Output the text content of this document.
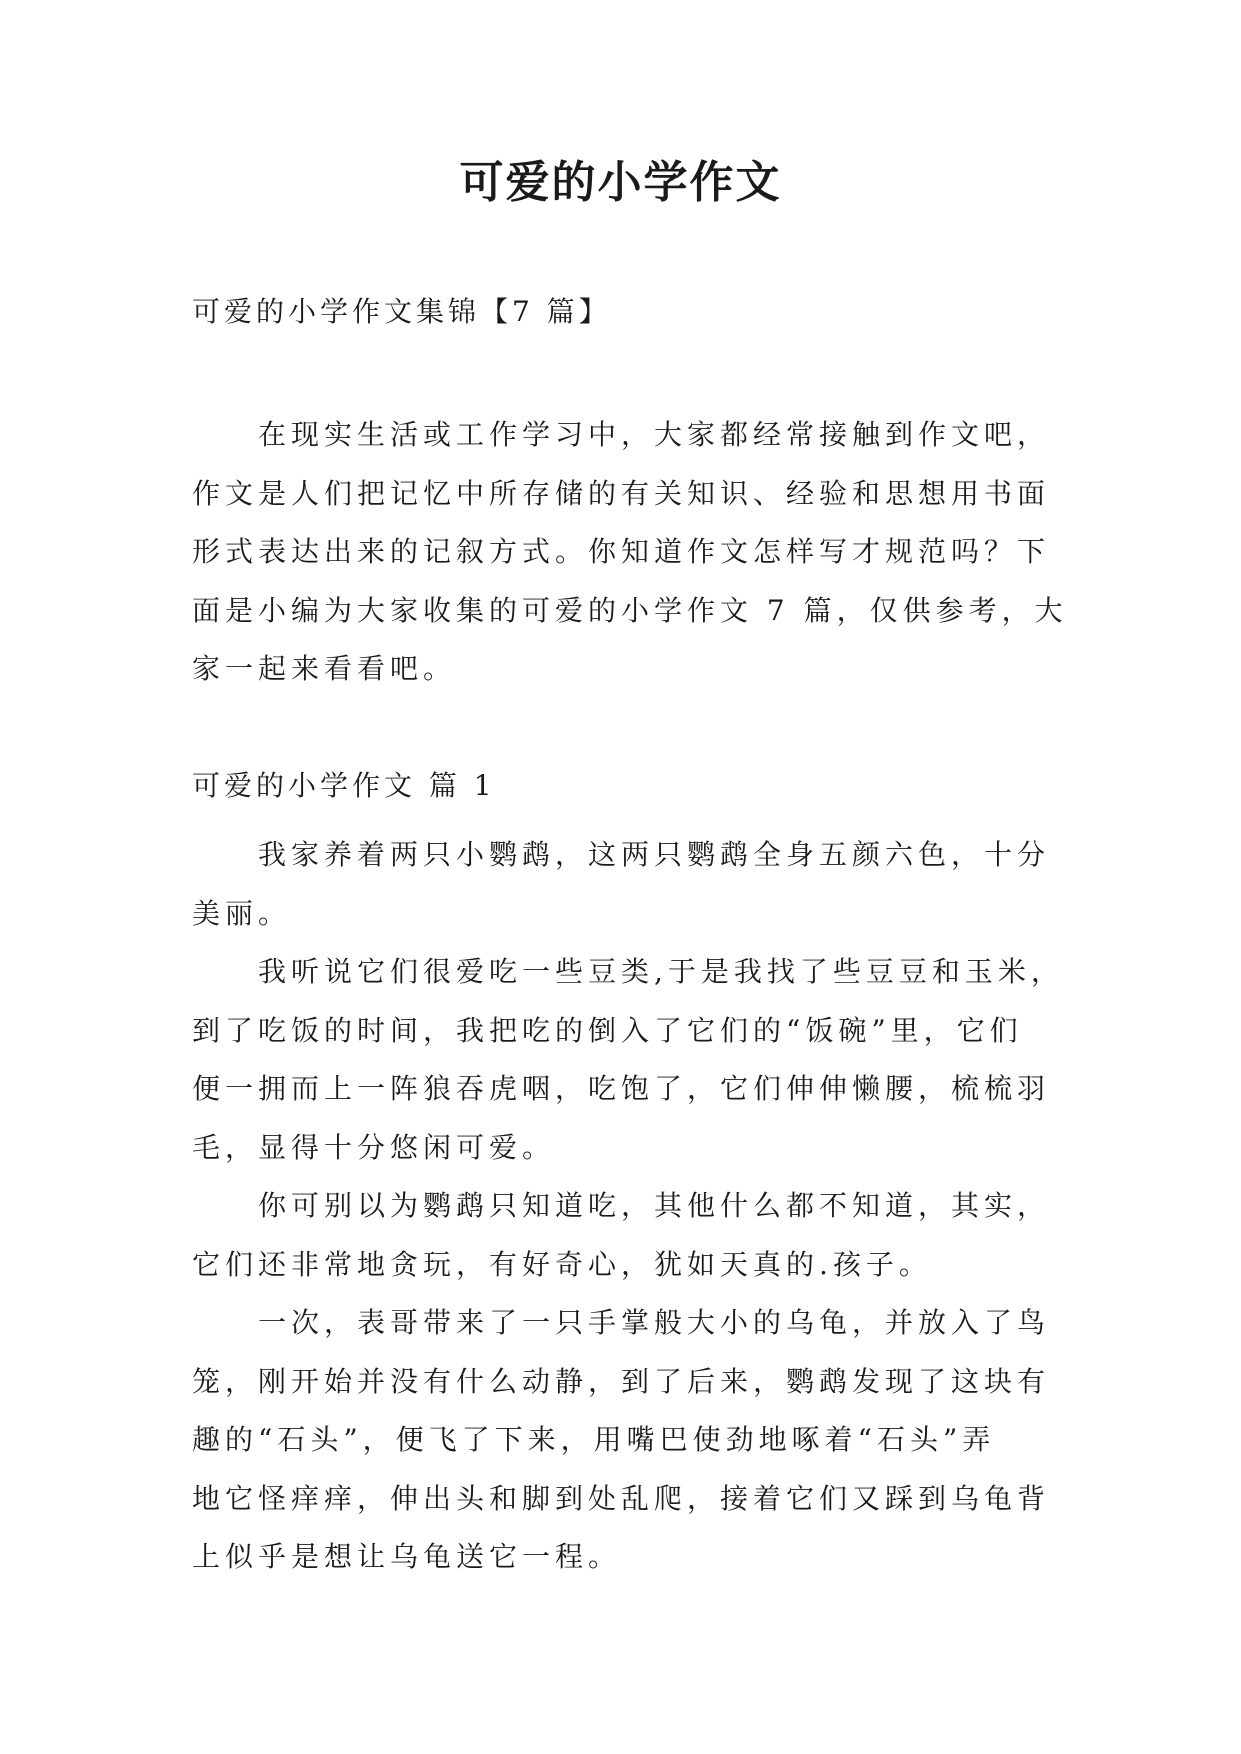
可爱的小学作文
可爱的小学作文集锦【7 篇】
在现实生活或工作学习中，大家都经常接触到作文吧，
作文是人们把记忆中所存储的有关知识、经验和思想用书面
形式表达出来的记叙方式。你知道作文怎样写才规范吗？下
面是小编为大家收集的可爱的小学作文 7 篇，仅供参考，大
家一起来看看吧。
可爱的小学作文 篇 1
我家养着两只小鹦鹉，这两只鹦鹉全身五颜六色，十分
美丽。
我听说它们很爱吃一些豆类,于是我找了些豆豆和玉米，
到了吃饭的时间，我把吃的倒入了它们的“饭碗”里，它们
便一拥而上一阵狼吞虎咽，吃饱了，它们伸伸懒腰，梳梳羽
毛，显得十分悠闲可爱。
你可别以为鹦鹉只知道吃，其他什么都不知道，其实，
它们还非常地贪玩，有好奇心，犹如天真的.孩子。
一次，表哥带来了一只手掌般大小的乌龟，并放入了鸟
笼，刚开始并没有什么动静，到了后来，鹦鹉发现了这块有
趣的“石头”，便飞了下来，用嘴巴使劲地啄着“石头”弄
地它怪痒痒，伸出头和脚到处乱爬，接着它们又踩到乌龟背
上似乎是想让乌龟送它一程。
